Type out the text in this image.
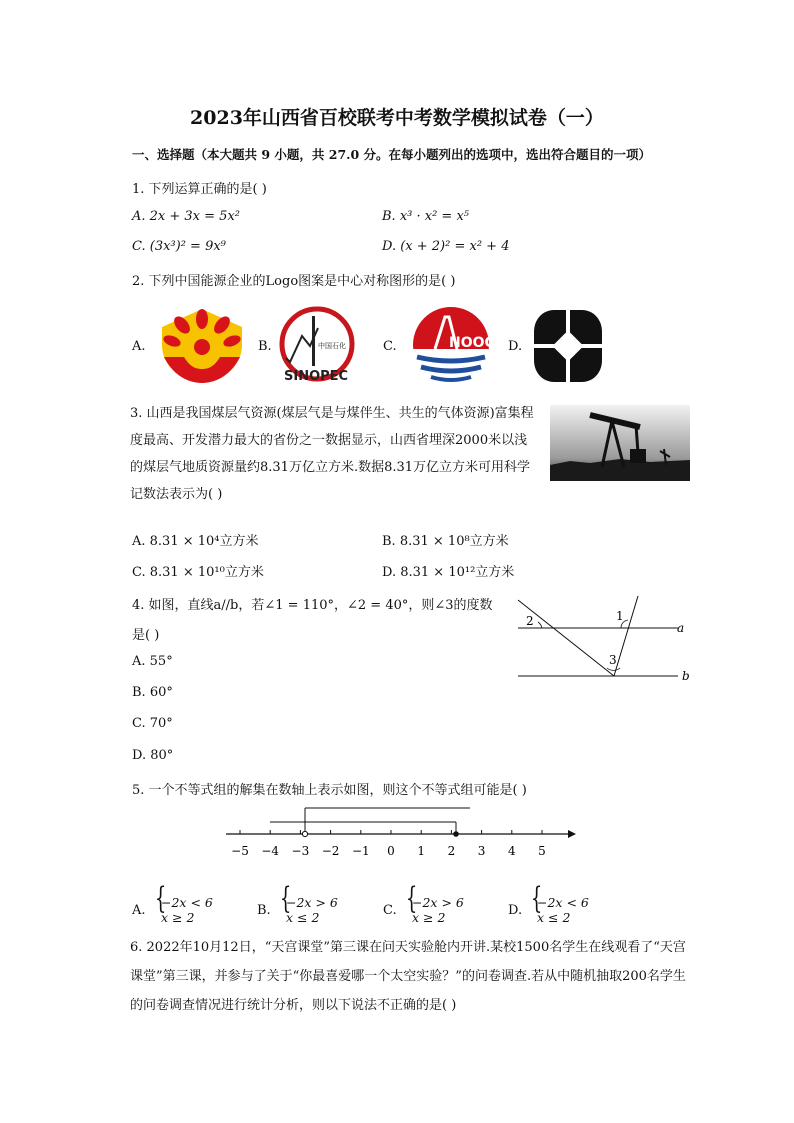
2023年山西省百校联考中考数学模拟试卷（一）
一、选择题（本大题共 9 小题，共 27.0 分。在每小题列出的选项中，选出符合题目的一项）
1. 下列运算正确的是( )
A. 2x + 3x = 5x²	B. x³ · x² = x⁵
C. (3x³)² = 9x⁹	D. (x + 2)² = x² + 4
2. 下列中国能源企业的Logo图案是中心对称图形的是( )
A.	B.	C.	D.
中国石化
SINOPEC
NOOC
3. 山西是我国煤层气资源(煤层气是与煤伴生、共生的气体资源)富集程度最高、开发潜力最大的省份之一数据显示，山西省埋深2000米以浅的煤层气地质资源量约8.31万亿立方米.数据8.31万亿立方米可用科学记数法表示为( )
A. 8.31 × 10⁴立方米	B. 8.31 × 10⁸立方米
C. 8.31 × 10¹⁰立方米	D. 8.31 × 10¹²立方米
4. 如图，直线a//b，若∠1 = 110°，∠2 = 40°，则∠3的度数
是( )
A. 55°
B. 60°
C. 70°
D. 80°
2	1
3
a
b
5. 一个不等式组的解集在数轴上表示如图，则这个不等式组可能是( )
−5 −4 −3 −2 −1 0 1 2 3 4 5
A.
{ −2x < 6
x ≥ 2	B.
{ −2x > 6
x ≤ 2	C.
{ −2x > 6
x ≥ 2	D.
{ −2x < 6
x ≤ 2
6. 2022年10月12日，“天宫课堂”第三课在问天实验舱内开讲.某校1500名学生在线观看了“天宫课堂”第三课，并参与了关于“你最喜爱哪一个太空实验？”的问卷调查.若从中随机抽取200名学生的问卷调查情况进行统计分析，则以下说法不正确的是( )
